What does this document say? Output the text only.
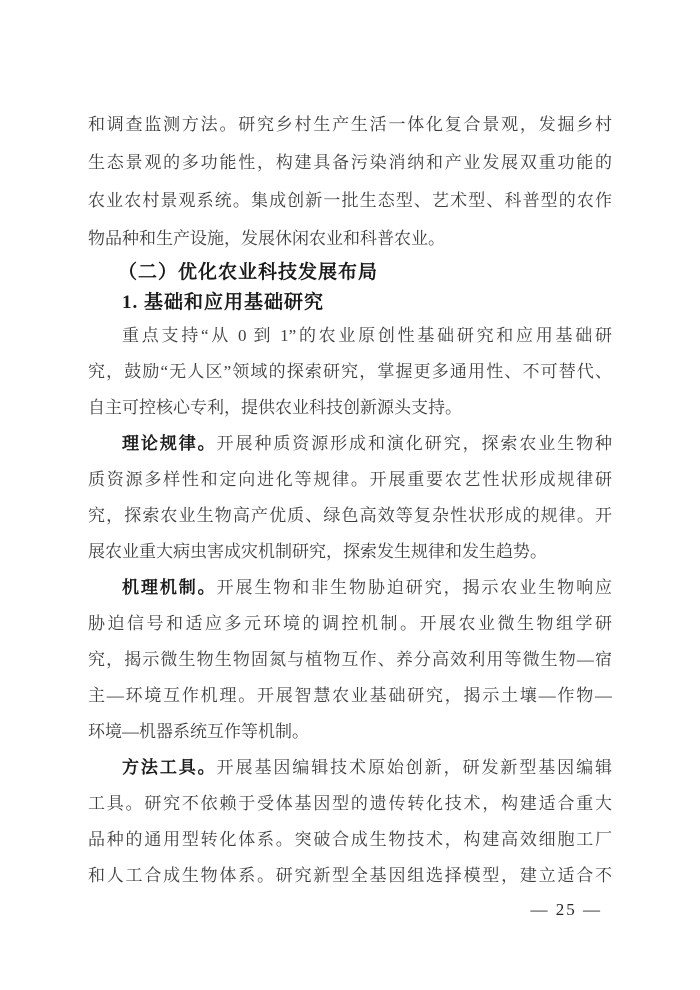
和调查监测方法。研究乡村生产生活一体化复合景观，发掘乡村
生态景观的多功能性，构建具备污染消纳和产业发展双重功能的
农业农村景观系统。集成创新一批生态型、艺术型、科普型的农作
物品种和生产设施，发展休闲农业和科普农业。
（二）优化农业科技发展布局
1. 基础和应用基础研究
重点支持“从 0 到 1”的农业原创性基础研究和应用基础研
究，鼓励“无人区”领域的探索研究，掌握更多通用性、不可替代、
自主可控核心专利，提供农业科技创新源头支持。
理论规律。开展种质资源形成和演化研究，探索农业生物种
质资源多样性和定向进化等规律。开展重要农艺性状形成规律研
究，探索农业生物高产优质、绿色高效等复杂性状形成的规律。开
展农业重大病虫害成灾机制研究，探索发生规律和发生趋势。
机理机制。开展生物和非生物胁迫研究，揭示农业生物响应
胁迫信号和适应多元环境的调控机制。开展农业微生物组学研
究，揭示微生物生物固氮与植物互作、养分高效利用等微生物—宿
主—环境互作机理。开展智慧农业基础研究，揭示土壤—作物—
环境—机器系统互作等机制。
方法工具。开展基因编辑技术原始创新，研发新型基因编辑
工具。研究不依赖于受体基因型的遗传转化技术，构建适合重大
品种的通用型转化体系。突破合成生物技术，构建高效细胞工厂
和人工合成生物体系。研究新型全基因组选择模型，建立适合不
— 25 —
